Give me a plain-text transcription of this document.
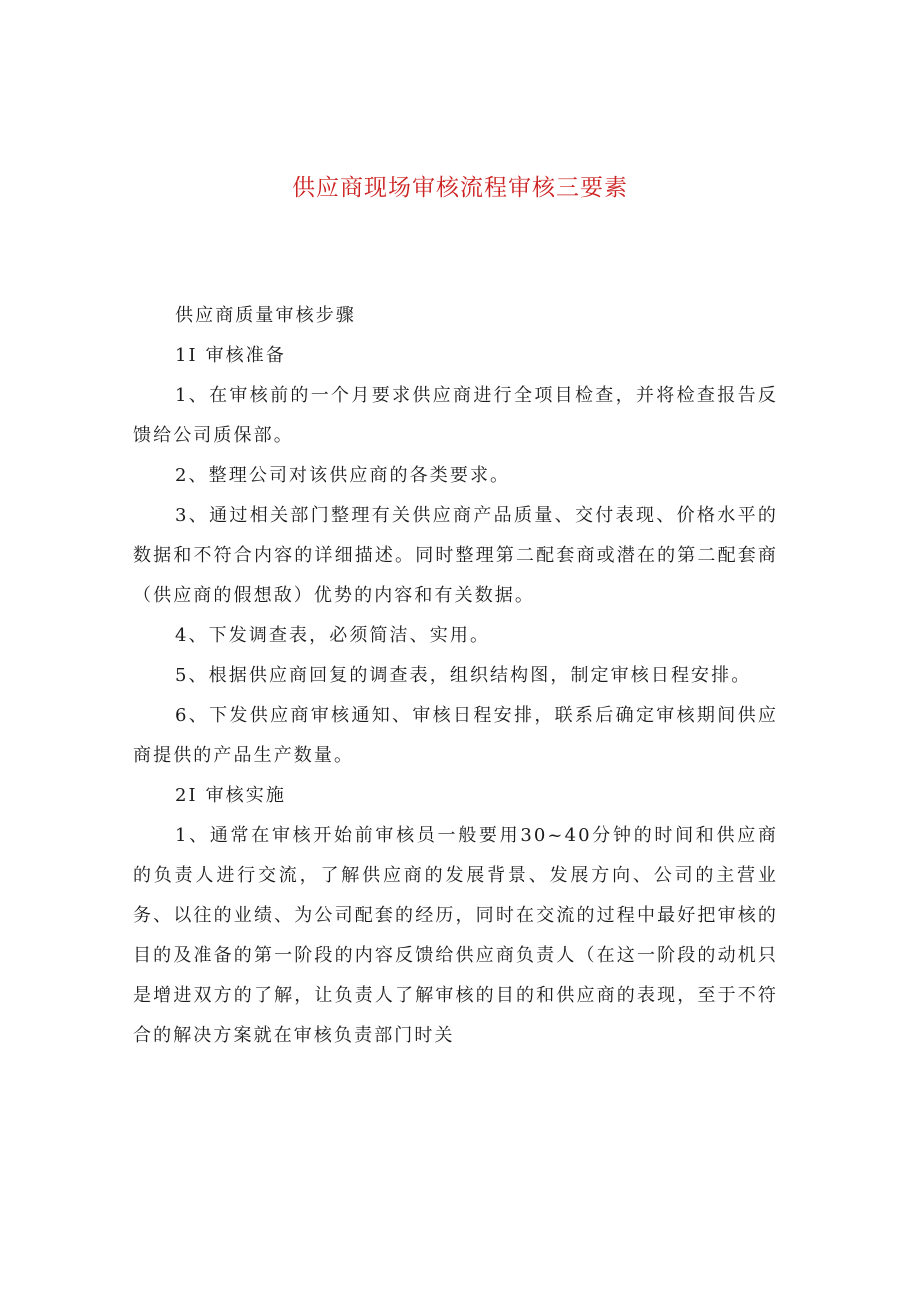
供应商现场审核流程审核三要素

供应商质量审核步骤

1I 审核准备

1、在审核前的一个月要求供应商进行全项目检查，并将检查报告反馈给公司质保部。

2、整理公司对该供应商的各类要求。

3、通过相关部门整理有关供应商产品质量、交付表现、价格水平的数据和不符合内容的详细描述。同时整理第二配套商或潜在的第二配套商（供应商的假想敌）优势的内容和有关数据。

4、下发调查表，必须简洁、实用。

5、根据供应商回复的调查表，组织结构图，制定审核日程安排。

6、下发供应商审核通知、审核日程安排，联系后确定审核期间供应商提供的产品生产数量。

2I 审核实施

1、通常在审核开始前审核员一般要用30~40分钟的时间和供应商的负责人进行交流，了解供应商的发展背景、发展方向、公司的主营业务、以往的业绩、为公司配套的经历，同时在交流的过程中最好把审核的目的及准备的第一阶段的内容反馈给供应商负责人（在这一阶段的动机只是增进双方的了解，让负责人了解审核的目的和供应商的表现，至于不符合的解决方案就在审核负责部门时关
